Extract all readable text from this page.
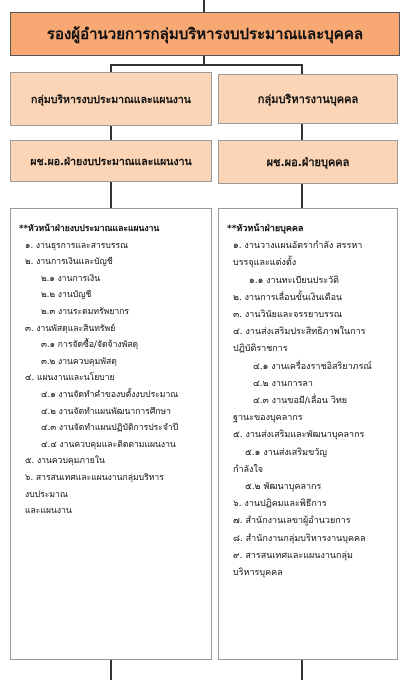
รองผู้อำนวยการกลุ่มบริหารงบประมาณและบุคคล
กลุ่มบริหารงบประมาณและแผนงาน	กลุ่มบริหารงานบุคคล
ผช.ผอ.ฝ่ายงบประมาณและแผนงาน	ผช.ผอ.ฝ่ายบุคคล
**หัวหน้าฝ่ายงบประมาณและแผนงาน
๑. งานธุรการและสารบรรณ
๒. งานการเงินและบัญชี
๒.๑ งานการเงิน
๒.๒ งานบัญชี
๒.๓ งานระดมทรัพยากร
๓. งานพัสดุและสินทรัพย์
๓.๑ การจัดซื้อ/จัดจ้างพัสดุ
๓.๒ งานควบคุมพัสดุ
๔. แผนงานและนโยบาย
๔.๑ งานจัดทำคำของบตั้งงบประมาณ
๔.๒ งานจัดทำแผนพัฒนาการศึกษา
๔.๓ งานจัดทำแผนปฏิบัติการประจำปี
๔.๔ งานควบคุมและติดตามแผนงาน
๕. งานควบคุมภายใน
๖. สารสนเทศและแผนงานกลุ่มบริหาร
งบประมาณ
และแผนงาน
**หัวหน้าฝ่ายบุคคล
๑. งานวางแผนอัตรากำลัง สรรหา
บรรจุและแต่งตั้ง
๑.๑ งานทะเบียนประวัติ
๒. งานการเลื่อนขั้นเงินเดือน
๓. งานวินัยและจรรยาบรรณ
๔. งานส่งเสริมประสิทธิภาพในการ
ปฏิบัติราชการ
๔.๑ งานเครื่องราชอิสริยาภรณ์
๔.๒ งานการลา
๔.๓ งานขอมี/เลื่อน วิทย
ฐานะของบุคลากร
๕. งานส่งเสริมและพัฒนาบุคลากร
๕.๑ งานส่งเสริมขวัญ
กำลังใจ
๕.๒ พัฒนาบุคลากร
๖. งานปฏิคมและพิธีการ
๗. สำนักงานเลขาผู้อำนวยการ
๘. สำนักงานกลุ่มบริหารงานบุคคล
๙. สารสนเทศและแผนงานกลุ่ม
บริหารบุคคล
